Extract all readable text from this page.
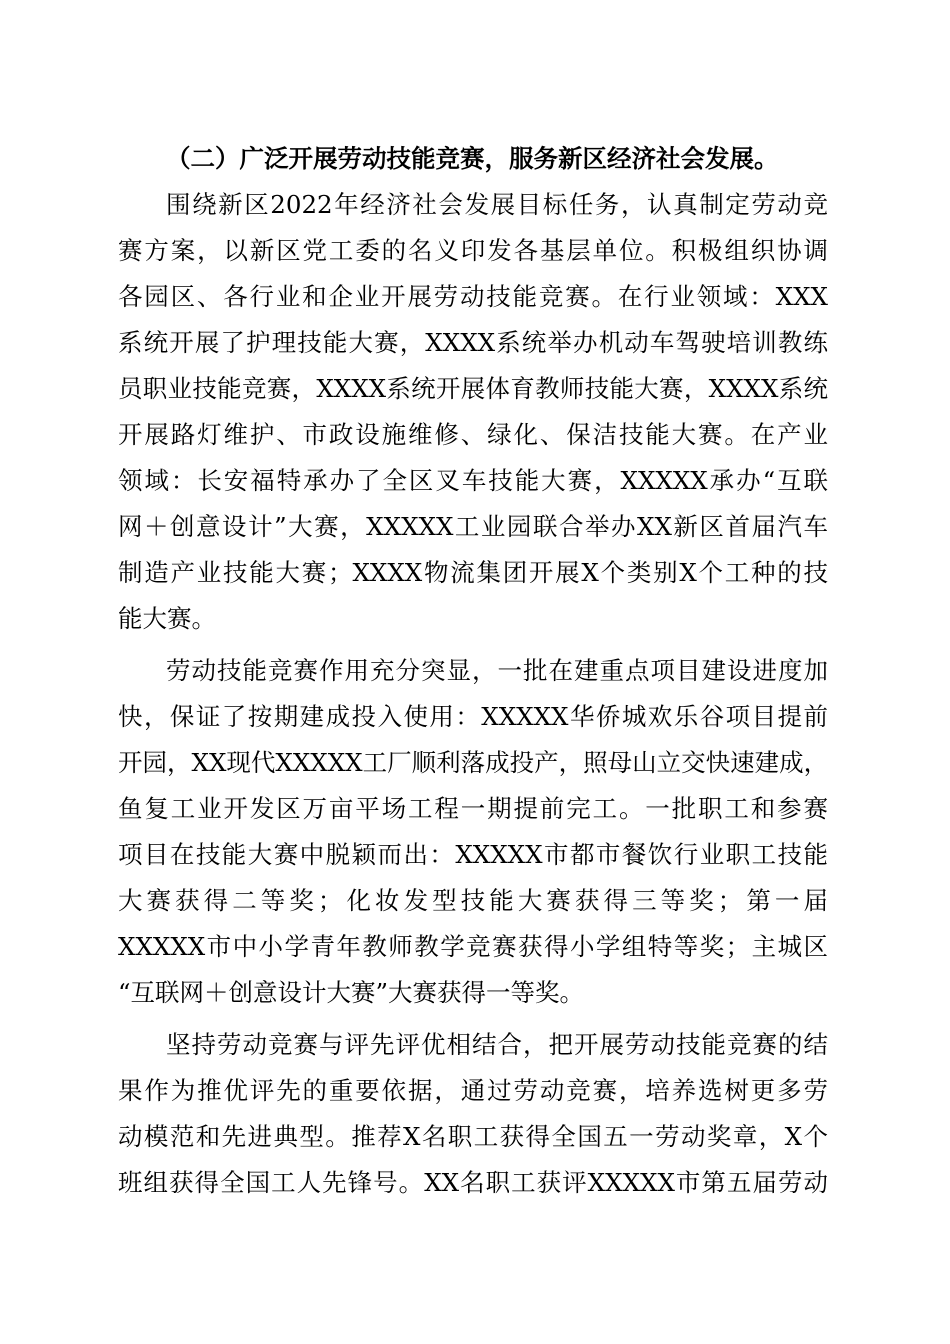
（二）广泛开展劳动技能竞赛，服务新区经济社会发展。
围绕新区2022年经济社会发展目标任务，认真制定劳动竞
赛方案，以新区党工委的名义印发各基层单位。积极组织协调
各园区、各行业和企业开展劳动技能竞赛。在行业领域：XXX
系统开展了护理技能大赛，XXXX系统举办机动车驾驶培训教练
员职业技能竞赛，XXXX系统开展体育教师技能大赛，XXXX系统
开展路灯维护、市政设施维修、绿化、保洁技能大赛。在产业
领域：长安福特承办了全区叉车技能大赛，XXXXX承办“互联
网＋创意设计”大赛，XXXXX工业园联合举办XX新区首届汽车
制造产业技能大赛；XXXX物流集团开展X个类别X个工种的技
能大赛。
劳动技能竞赛作用充分突显，一批在建重点项目建设进度加
快，保证了按期建成投入使用：XXXXX华侨城欢乐谷项目提前
开园，XX现代XXXXX工厂顺利落成投产，照母山立交快速建成，
鱼复工业开发区万亩平场工程一期提前完工。一批职工和参赛
项目在技能大赛中脱颖而出：XXXXX市都市餐饮行业职工技能
大赛获得二等奖；化妆发型技能大赛获得三等奖；第一届
XXXXX市中小学青年教师教学竞赛获得小学组特等奖；主城区
“互联网＋创意设计大赛”大赛获得一等奖。
坚持劳动竞赛与评先评优相结合，把开展劳动技能竞赛的结
果作为推优评先的重要依据，通过劳动竞赛，培养选树更多劳
动模范和先进典型。推荐X名职工获得全国五一劳动奖章，X个
班组获得全国工人先锋号。XX名职工获评XXXXX市第五届劳动
